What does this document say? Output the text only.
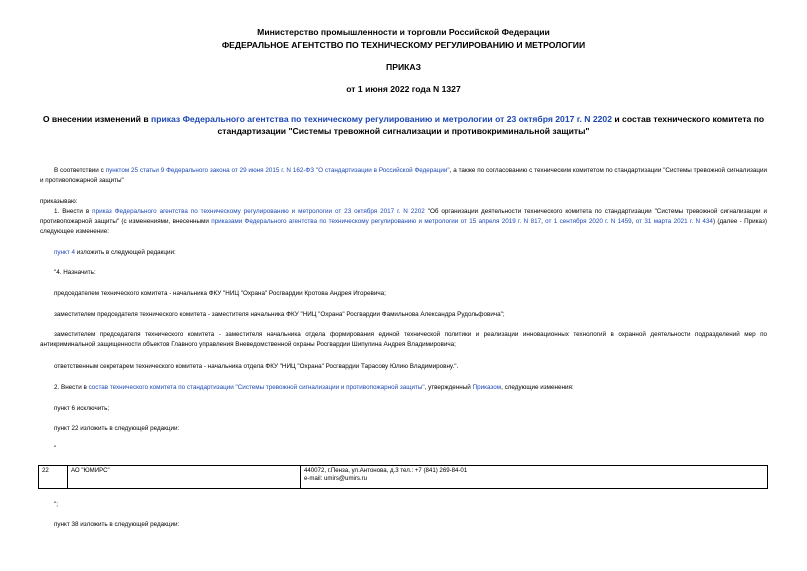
Министерство промышленности и торговли Российской Федерации
ФЕДЕРАЛЬНОЕ АГЕНТСТВО ПО ТЕХНИЧЕСКОМУ РЕГУЛИРОВАНИЮ И МЕТРОЛОГИИ
ПРИКАЗ
от 1 июня 2022 года N 1327
О внесении изменений в приказ Федерального агентства по техническому регулированию и метрологии от 23 октября 2017 г. N 2202 и состав технического комитета по стандартизации "Системы тревожной сигнализации и противокриминальной защиты"
В соответствии с пунктом 25 статьи 9 Федерального закона от 29 июня 2015 г. N 162-ФЗ "О стандартизации в Российской Федерации", а также по согласованию с техническим комитетом по стандартизации "Системы тревожной сигнализации и противопожарной защиты"
приказываю:
1. Внести в приказ Федерального агентства по техническому регулированию и метрологии от 23 октября 2017 г. N 2202 "Об организации деятельности технического комитета по стандартизации "Системы тревожной сигнализации и противопожарной защиты" (с изменениями, внесенными приказами Федерального агентства по техническому регулированию и метрологии от 15 апреля 2019 г. N 817, от 1 сентября 2020 г. N 1459, от 31 марта 2021 г. N 434) (далее - Приказ) следующее изменение:
пункт 4 изложить в следующей редакции:
"4. Назначить:
председателем технического комитета - начальника ФКУ "НИЦ "Охрана" Росгвардии Кротова Андрея Игоревича;
заместителем председателя технического комитета - заместителя начальника ФКУ "НИЦ "Охрана" Росгвардии Фамильнова Александра Рудольфовича";
заместителем председателя технического комитета - заместителя начальника отдела формирования единой технической политики и реализации инновационных технологий в охранной деятельности подразделений мер по антикриминальной защищенности объектов Главного управления Вневедомственной охраны Росгвардии Шипулина Андрея Владимировича;
ответственным секретарем технического комитета - начальника отдела ФКУ "НИЦ "Охрана" Росгвардии Тарасову Юлию Владимировну.".
2. Внести в состав технического комитета по стандартизации "Системы тревожной сигнализации и противопожарной защиты", утвержденный Приказом, следующие изменения:
пункт 6 исключить;
пункт 22 изложить в следующей редакции:
"
22	АО "ЮМИРС"	440072, г.Пенза, ул.Антонова, д.3 тел.: +7 (841) 269-84-01
e-mail: umirs@umirs.ru
";
пункт 38 изложить в следующей редакции:
